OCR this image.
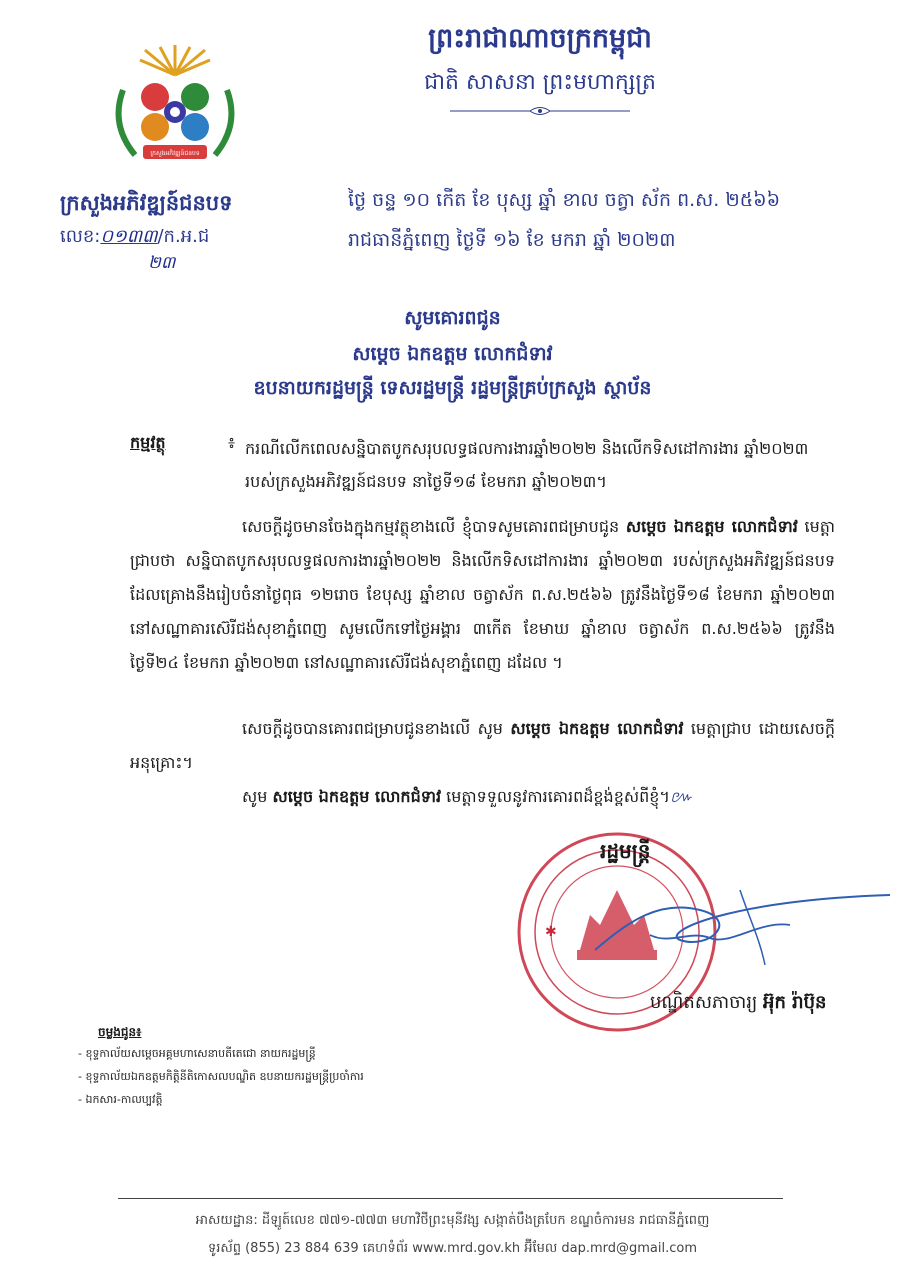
ព្រះរាជាណាចក្រកម្ពុជា
ជាតិ សាសនា ព្រះមហាក្សត្រ
ក្រសួងអភិវឌ្ឍន៍ជនបទ
ក្រសួងអភិវឌ្ឍន៍ជនបទ
លេខ:០១៣៣/ក.អ.ជ
២៣
ថ្ងៃ ចន្ទ ១០ កើត ខែ បុស្ស ឆ្នាំ ខាល ចត្វា ស័ក ព.ស. ២៥៦៦
រាជធានីភ្នំពេញ ថ្ងៃទី ១៦ ខែ មករា ឆ្នាំ ២០២៣
សូមគោរពជូន
សម្តេច ឯកឧត្តម លោកជំទាវ
ឧបនាយករដ្ឋមន្ត្រី ទេសរដ្ឋមន្ត្រី រដ្ឋមន្ត្រីគ្រប់ក្រសួង ស្ថាប័ន
កម្មវត្ថុ	៖ ករណីលើកពេលសន្និបាតបូកសរុបលទ្ធផលការងារឆ្នាំ២០២២ និងលើកទិសដៅការងារ ឆ្នាំ២០២៣ របស់ក្រសួងអភិវឌ្ឍន៍ជនបទ នាថ្ងៃទី១៨ ខែមករា ឆ្នាំ២០២៣។
សេចក្តីដូចមានចែងក្នុងកម្មវត្ថុខាងលើ ខ្ញុំបាទសូមគោរពជម្រាបជូន សម្តេច ឯកឧត្តម លោកជំទាវ មេត្តាជ្រាបថា សន្និបាតបូកសរុបលទ្ធផលការងារឆ្នាំ២០២២ និងលើកទិសដៅការងារ ឆ្នាំ២០២៣ របស់ក្រសួងអភិវឌ្ឍន៍ជនបទ ដែលគ្រោងនឹងរៀបចំនាថ្ងៃពុធ ១២រោច ខែបុស្ស ឆ្នាំខាល ចត្វាស័ក ព.ស.២៥៦៦ ត្រូវនឹងថ្ងៃទី១៨ ខែមករា ឆ្នាំ២០២៣ នៅសណ្ឋាគារស៊េរីជង់សុខាភ្នំពេញ សូមលើកទៅថ្ងៃអង្គារ ៣កើត ខែមាឃ ឆ្នាំខាល ចត្វាស័ក ព.ស.២៥៦៦ ត្រូវនឹងថ្ងៃទី២៤ ខែមករា ឆ្នាំ២០២៣ នៅសណ្ឋាគារស៊េរីជង់សុខាភ្នំពេញ ដដែល ។
សេចក្តីដូចបានគោរពជម្រាបជូនខាងលើ សូម សម្តេច ឯកឧត្តម លោកជំទាវ មេត្តាជ្រាប ដោយសេចក្តីអនុគ្រោះ។
សូម សម្តេច ឯកឧត្តម លោកជំទាវ មេត្តាទទួលនូវការគោរពដ៏ខ្ពង់ខ្ពស់ពីខ្ញុំ។៚
✱
រដ្ឋមន្ត្រី
បណ្ឌិតសភាចារ្យ អ៊ុក រ៉ាប៊ុន
ចម្លងជូន៖
- ខុទ្ទកាល័យសម្តេចអគ្គមហាសេនាបតីតេជោ នាយករដ្ឋមន្ត្រី
- ខុទ្ទកាល័យឯកឧត្តមកិត្តិនីតិកោសលបណ្ឌិត ឧបនាយករដ្ឋមន្ត្រីប្រចាំការ
- ឯកសារ-កាលប្បវត្តិ
អាសយដ្ឋាន: ដីឡូត៍លេខ ៧៧១-៧៧៣ មហាវិថីព្រះមុនីវង្ស សង្កាត់បឹងត្របែក ខណ្ឌចំការមន រាជធានីភ្នំពេញ
ទូរស័ព្ទ (855) 23 884 639 គេហទំព័រ www.mrd.gov.kh អ៊ីមែល dap.mrd@gmail.com
